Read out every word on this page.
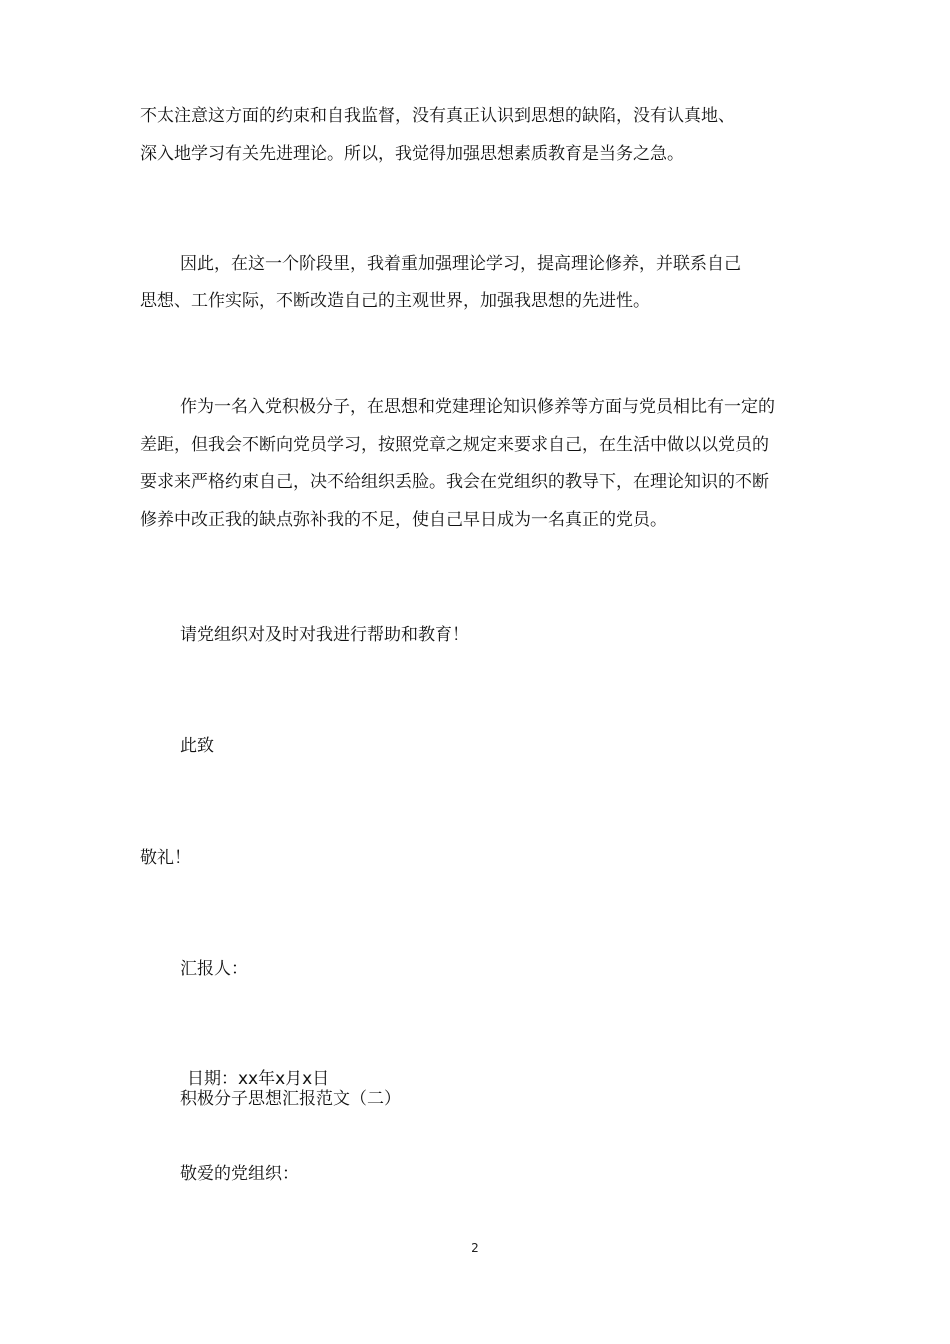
不太注意这方面的约束和自我监督，没有真正认识到思想的缺陷，没有认真地、
深入地学习有关先进理论。所以，我觉得加强思想素质教育是当务之急。
因此，在这一个阶段里，我着重加强理论学习，提高理论修养，并联系自己
思想、工作实际，不断改造自己的主观世界，加强我思想的先进性。
作为一名入党积极分子，在思想和党建理论知识修养等方面与党员相比有一定的
差距，但我会不断向党员学习，按照党章之规定来要求自己，在生活中做以以党员的
要求来严格约束自己，决不给组织丢脸。我会在党组织的教导下，在理论知识的不断
修养中改正我的缺点弥补我的不足，使自己早日成为一名真正的党员。
请党组织对及时对我进行帮助和教育！
此致
敬礼！
汇报人：
日期：xx年x月x日
积极分子思想汇报范文（二）
敬爱的党组织：
2
